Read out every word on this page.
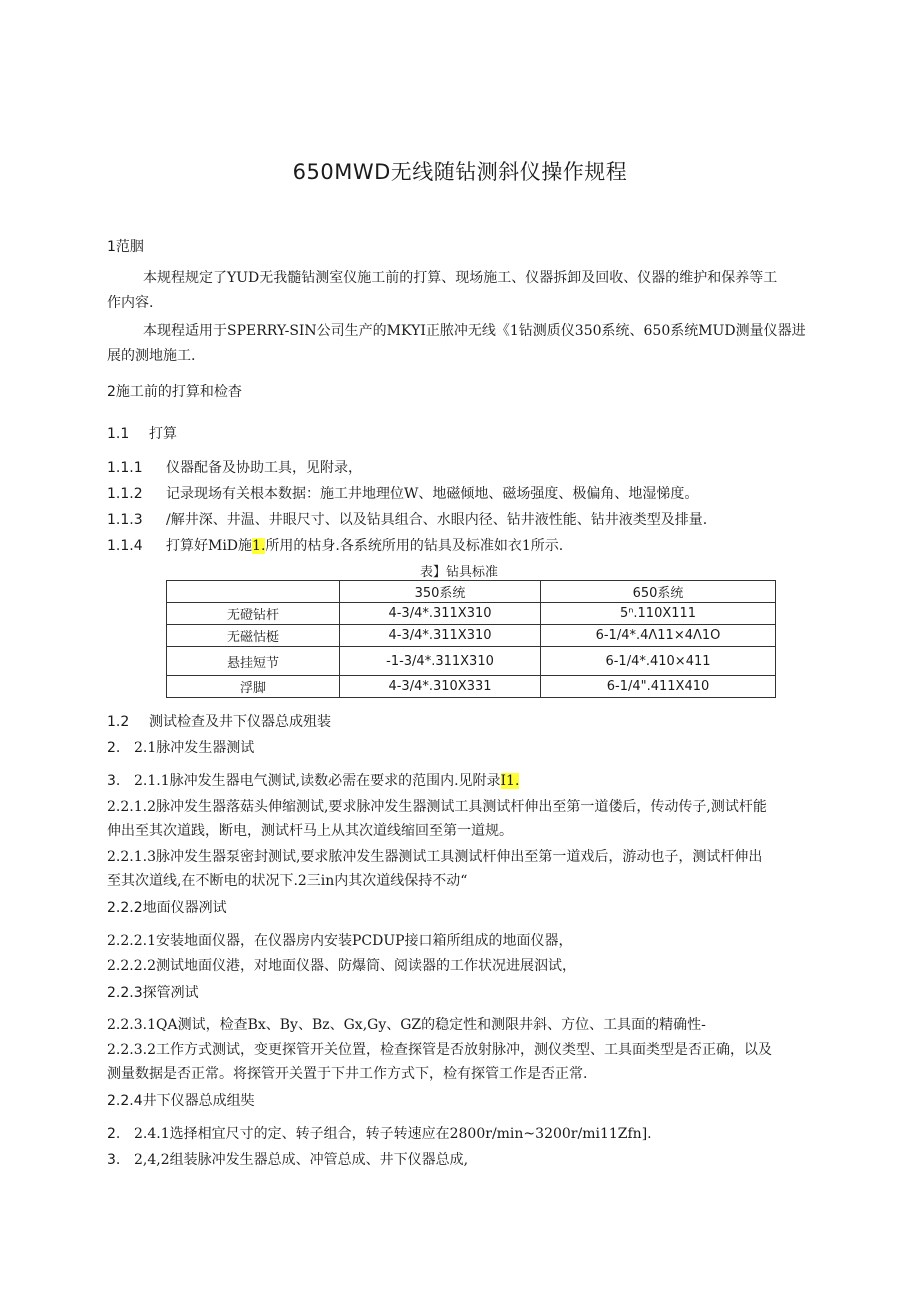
650MWD无线随钻测斜仪操作规程
1范胭
本规程规定了YUD无我髓钻测室仪施工前的打算、现场施工、仪器拆卸及回收、仪器的维护和保养等工
作内容.
本现程适用于SPERRY-SIN公司生产的MKYI正脓冲无线《1钻测质仪350系统、650系统MUD测量仪器进
展的测地施工.
2施工前的打算和检杳
1.1 打算
1.1.1 仪器配备及协助工具，见附录，
1.1.2 记录现场有关根本数据：施工井地理位W、地磁倾地、磁场强度、极偏角、地湿悌度。
1.1.3 /解井深、井温、井眼尺寸、以及钻具组合、水眼内径、钻井液性能、钻井液类型及排量.
1.1.4 打算好MiD施1.所用的枯身.各系统所用的钻具及标准如衣1所示.
表】钻具标准
	350系统	650系统
无磴钻杆	4-3/4*.311X310	5ⁿ.110X111
无磁怙梃	4-3/4*.311X310	6-1/4*.4Λ11×4Λ1O
悬挂短节	-1-3/4*.311X310	6-1/4*.410×411
浮脚	4-3/4*.310X331	6-1/4".411X410
1.2 测试检查及井下仪器总成殂装
2. 2.1脉冲发生器测试
3. 2.1.1脉冲发生器电气测试,读数必需在要求的范围内.见附录I1.
2.2.1.2脉冲发生器落菇头伸缩测试,要求脉冲发生器测试工具测试杆伸出至第一道偻后，传动传子,测试杆能
伸出至其次道践，断电，测试杆马上从其次道线缩回至第一道规。
2.2.1.3脉冲发生器泵密封测试,要求脓冲发生器测试工具测试杆伸出至第一道戏后，游动也子，测试杆伸出
至其次道线,在不断电的状况下.2三in内其次道线保持不动“
2.2.2地面仪器冽试
2.2.2.1安装地面仪器，在仪器房内安装PCDUP接口箱所组成的地面仪器，
2.2.2.2测试地面仪港，对地面仪器、防爆筒、阅读器的工作状况进展泅试，
2.2.3探管冽试
2.2.3.1QA测试，检查Bx、By、Bz、Gx,Gy、GZ的稳定性和测限井斜、方位、工具面的精确性-
2.2.3.2工作方式测试，变更探管开关位置，检查探管是否放射脉冲，测仪类型、工具面类型是否正确，以及
测量数据是否正常。将探管开关置于下井工作方式下，检有探管工作是否正常.
2.2.4井下仪器总成组奘
2. 2.4.1选择相宜尺寸的定、转子组合，转子转速应在2800r/min~3200r/mi11Zfn].
3. 2,4,2组装脉冲发生器总成、冲管总成、井下仪器总成,
